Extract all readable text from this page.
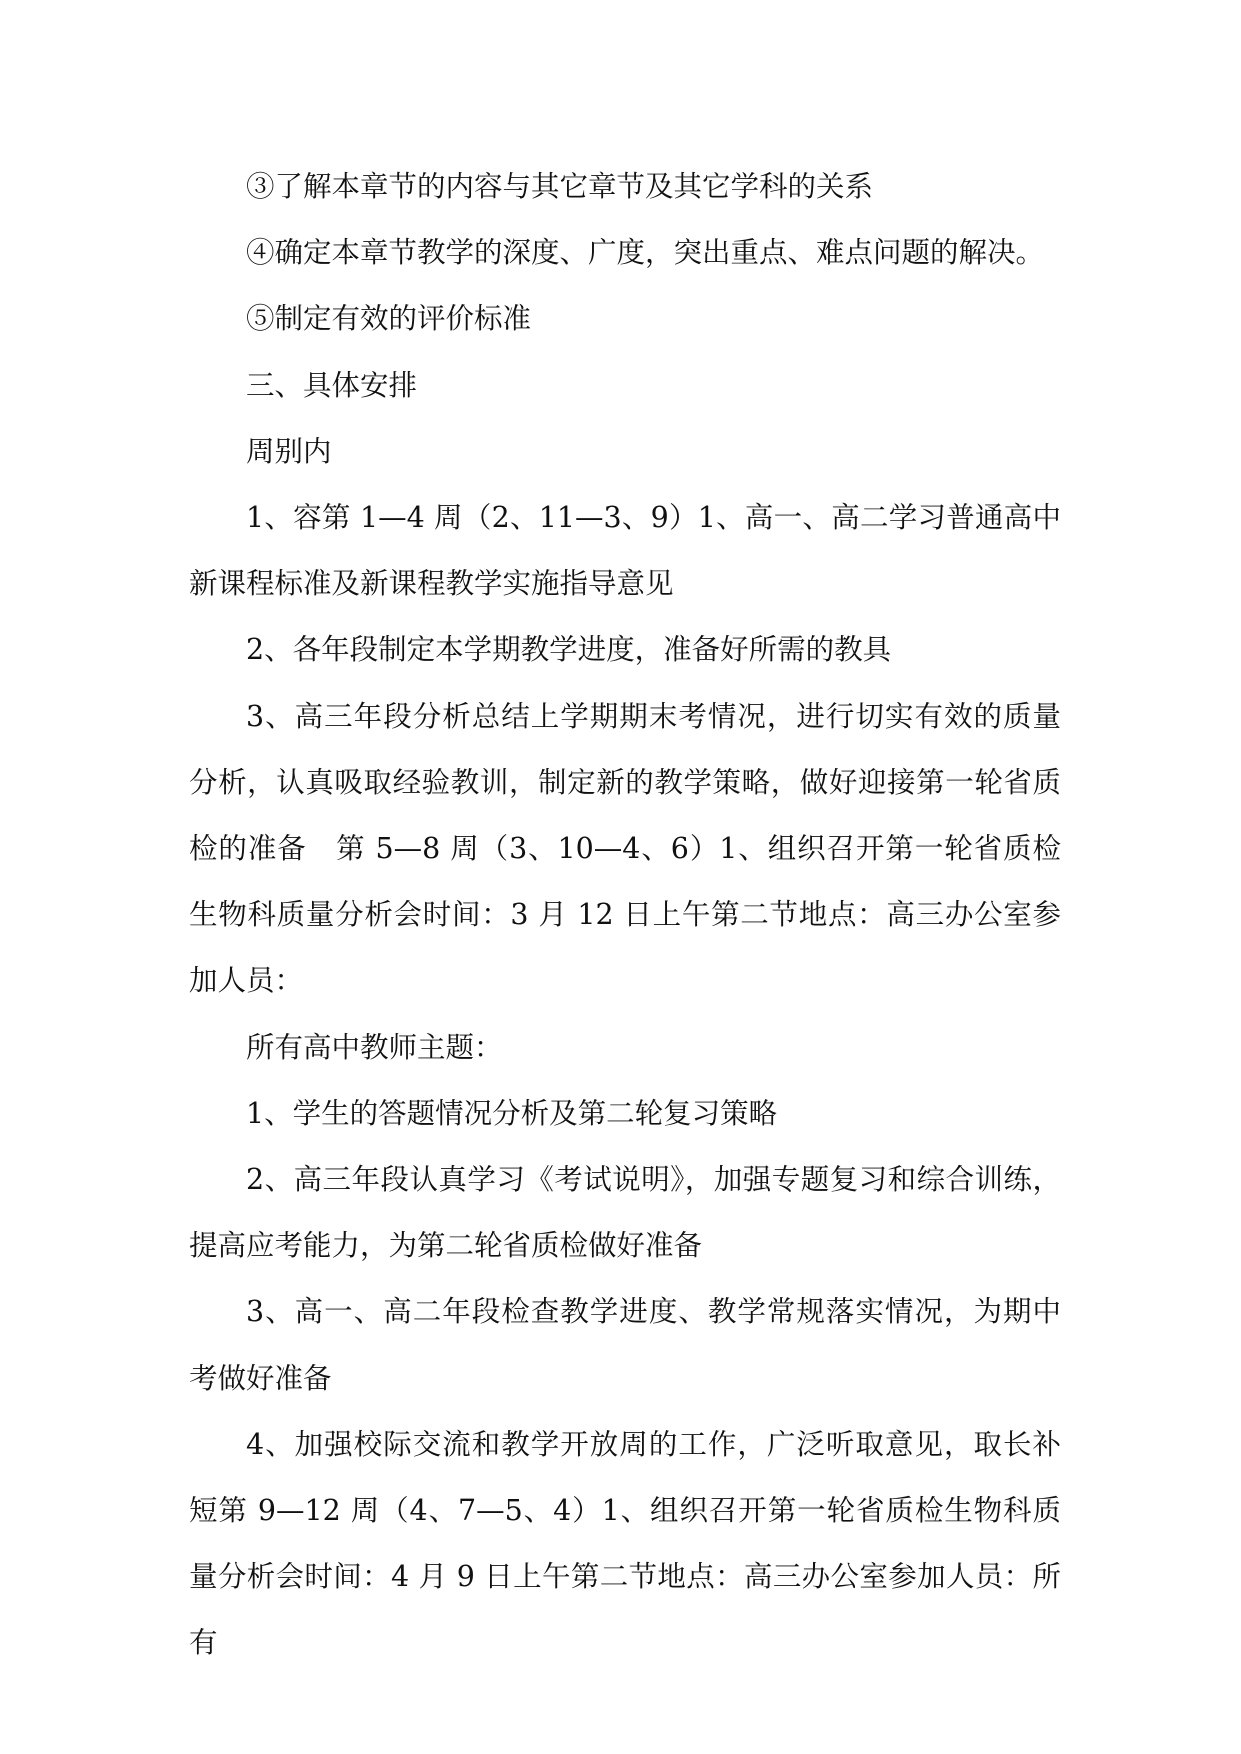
③了解本章节的内容与其它章节及其它学科的关系

④确定本章节教学的深度、广度，突出重点、难点问题的解决。

⑤制定有效的评价标准

三、具体安排

周别内

1、容第 1—4 周（2、11—3、9）1、高一、高二学习普通高中新课程标准及新课程教学实施指导意见

2、各年段制定本学期教学进度，准备好所需的教具

3、高三年段分析总结上学期期末考情况，进行切实有效的质量分析，认真吸取经验教训，制定新的教学策略，做好迎接第一轮省质检的准备　第 5—8 周（3、10—4、6）1、组织召开第一轮省质检生物科质量分析会时间：3 月 12 日上午第二节地点：高三办公室参加人员：

所有高中教师主题：

1、学生的答题情况分析及第二轮复习策略

2、高三年段认真学习《考试说明》，加强专题复习和综合训练，提高应考能力，为第二轮省质检做好准备

3、高一、高二年段检查教学进度、教学常规落实情况，为期中考做好准备

4、加强校际交流和教学开放周的工作，广泛听取意见，取长补短第 9—12 周（4、7—5、4）1、组织召开第一轮省质检生物科质量分析会时间：4 月 9 日上午第二节地点：高三办公室参加人员：所有
